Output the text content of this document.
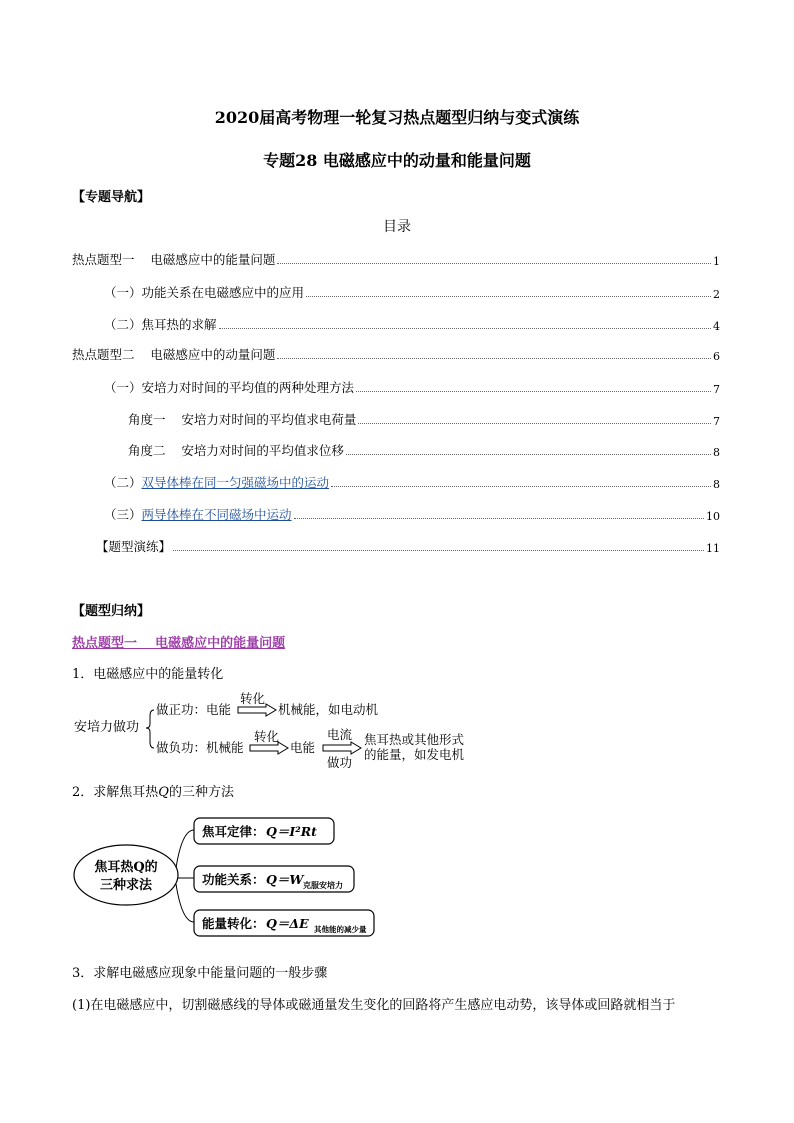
2020届高考物理一轮复习热点题型归纳与变式演练
专题28 电磁感应中的动量和能量问题
【专题导航】
目录
热点题型一    电磁感应中的能量问题	1
（一）功能关系在电磁感应中的应用	2
（二）焦耳热的求解	4
热点题型二    电磁感应中的动量问题	6
（一）安培力对时间的平均值的两种处理方法	7
角度一    安培力对时间的平均值求电荷量	7
角度二    安培力对时间的平均值求位移	8
（二） 双导体棒在同一匀强磁场中的运动	8
（三） 两导体棒在不同磁场中运动	10
【题型演练】	11
【题型归纳】
热点题型一    电磁感应中的能量问题
1．电磁感应中的能量转化
安培力做功
做正功：电能
转化
机械能，如电动机
做负功：机械能
转化
电能
电流
做功
焦耳热或其他形式
的能量，如发电机
2．求解焦耳热Q的三种方法
焦耳热Q的
三种求法
焦耳定律： Q＝I²Rt
功能关系： Q＝W 克服安培力
能量转化： Q＝ΔE 其他能的减少量
3．求解电磁感应现象中能量问题的一般步骤
(1)在电磁感应中，切割磁感线的导体或磁通量发生变化的回路将产生感应电动势，该导体或回路就相当于
